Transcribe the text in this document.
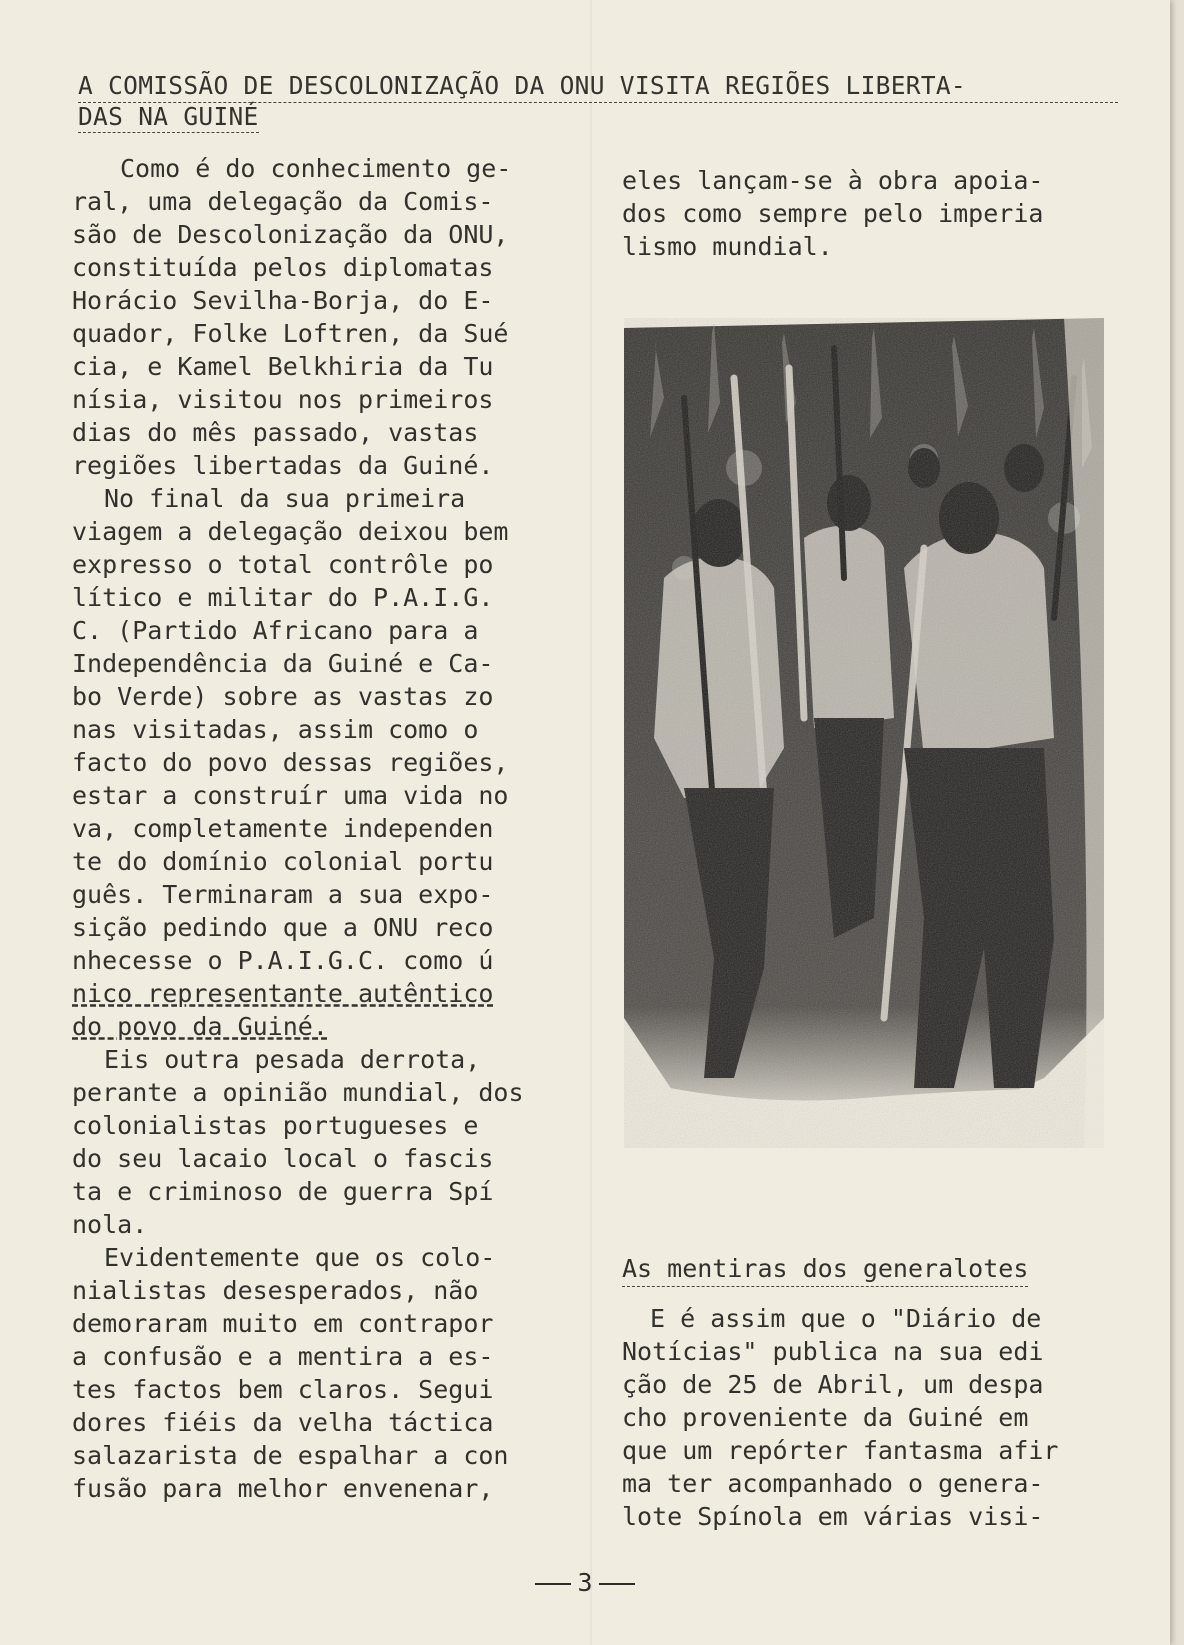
A COMISSÃO DE DESCOLONIZAÇÃO DA ONU VISITA REGIÕES LIBERTA-
DAS NA GUINÉ
Como é do conhecimento ge-
ral, uma delegação da Comis-
são de Descolonização da ONU,
constituída pelos diplomatas
Horácio Sevilha-Borja, do E-
quador, Folke Loftren, da Sué
cia, e Kamel Belkhiria da Tu
nísia, visitou nos primeiros
dias do mês passado, vastas
regiões libertadas da Guiné.
No final da sua primeira
viagem a delegação deixou bem
expresso o total contrôle po
lítico e militar do P.A.I.G.
C. (Partido Africano para a
Independência da Guiné e Ca-
bo Verde) sobre as vastas zo
nas visitadas, assim como o
facto do povo dessas regiões,
estar a construír uma vida no
va, completamente independen
te do domínio colonial portu
guês. Terminaram a sua expo-
sição pedindo que a ONU reco
nhecesse o P.A.I.G.C. como ú
nico representante autêntico
do povo da Guiné.
Eis outra pesada derrota,
perante a opinião mundial, dos
colonialistas portugueses e
do seu lacaio local o fascis
ta e criminoso de guerra Spí
nola.
Evidentemente que os colo-
nialistas desesperados, não
demoraram muito em contrapor
a confusão e a mentira a es-
tes factos bem claros. Segui
dores fiéis da velha táctica
salazarista de espalhar a con
fusão para melhor envenenar,
eles lançam-se à obra apoia-
dos como sempre pelo imperia
lismo mundial.
As mentiras dos generalotes
E é assim que o "Diário de
Notícias" publica na sua edi
ção de 25 de Abril, um despa
cho proveniente da Guiné em
que um repórter fantasma afir
ma ter acompanhado o genera-
lote Spínola em várias visi-
3
